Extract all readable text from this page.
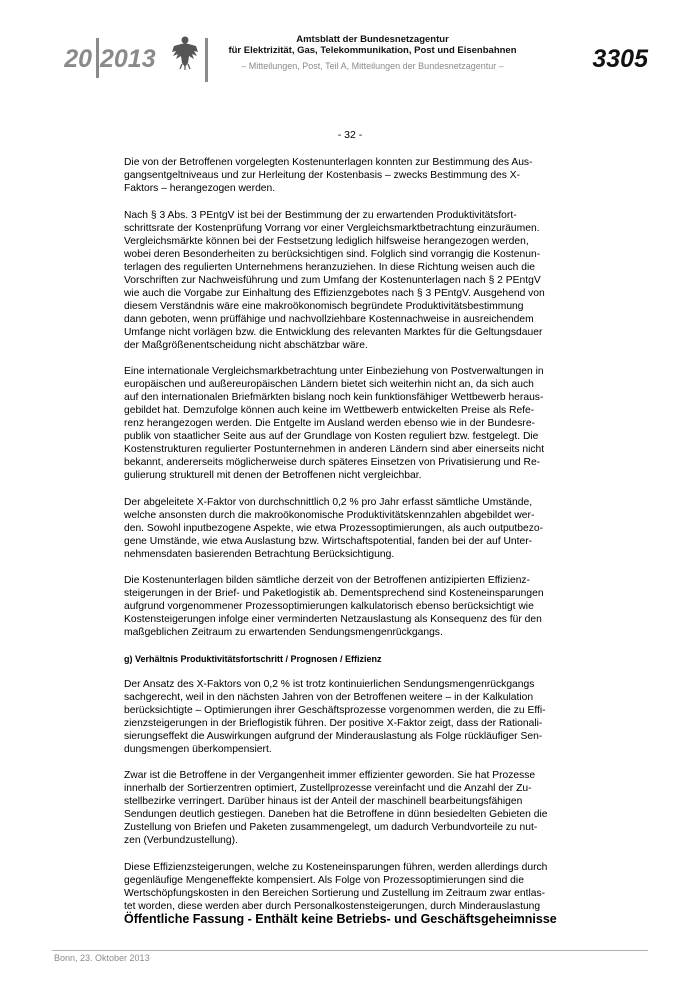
20 2013
Amtsblatt der Bundesnetzagentur
für Elektrizität, Gas, Telekommunikation, Post und Eisenbahnen
– Mitteilungen, Post, Teil A, Mitteilungen der Bundesnetzagentur –	3305
- 32 -
Die von der Betroffenen vorgelegten Kostenunterlagen konnten zur Bestimmung des Aus-
gangsentgeltniveaus und zur Herleitung der Kostenbasis – zwecks Bestimmung des X-
Faktors – herangezogen werden.
Nach § 3 Abs. 3 PEntgV ist bei der Bestimmung der zu erwartenden Produktivitätsfort-
schrittsrate der Kostenprüfung Vorrang vor einer Vergleichsmarktbetrachtung einzuräumen.
Vergleichsmärkte können bei der Festsetzung lediglich hilfsweise herangezogen werden,
wobei deren Besonderheiten zu berücksichtigen sind. Folglich sind vorrangig die Kostenun-
terlagen des regulierten Unternehmens heranzuziehen. In diese Richtung weisen auch die
Vorschriften zur Nachweisführung und zum Umfang der Kostenunterlagen nach § 2 PEntgV
wie auch die Vorgabe zur Einhaltung des Effizienzgebotes nach § 3 PEntgV. Ausgehend von
diesem Verständnis wäre eine makroökonomisch begründete Produktivitätsbestimmung
dann geboten, wenn prüffähige und nachvollziehbare Kostennachweise in ausreichendem
Umfange nicht vorlägen bzw. die Entwicklung des relevanten Marktes für die Geltungsdauer
der Maßgrößenentscheidung nicht abschätzbar wäre.
Eine internationale Vergleichsmarkbetrachtung unter Einbeziehung von Postverwaltungen in
europäischen und außereuropäischen Ländern bietet sich weiterhin nicht an, da sich auch
auf den internationalen Briefmärkten bislang noch kein funktionsfähiger Wettbewerb heraus-
gebildet hat. Demzufolge können auch keine im Wettbewerb entwickelten Preise als Refe-
renz herangezogen werden. Die Entgelte im Ausland werden ebenso wie in der Bundesre-
publik von staatlicher Seite aus auf der Grundlage von Kosten reguliert bzw. festgelegt. Die
Kostenstrukturen regulierter Postunternehmen in anderen Ländern sind aber einerseits nicht
bekannt, andererseits möglicherweise durch späteres Einsetzen von Privatisierung und Re-
gulierung strukturell mit denen der Betroffenen nicht vergleichbar.
Der abgeleitete X-Faktor von durchschnittlich 0,2 % pro Jahr erfasst sämtliche Umstände,
welche ansonsten durch die makroökonomische Produktivitätskennzahlen abgebildet wer-
den. Sowohl inputbezogene Aspekte, wie etwa Prozessoptimierungen, als auch outputbezo-
gene Umstände, wie etwa Auslastung bzw. Wirtschaftspotential, fanden bei der auf Unter-
nehmensdaten basierenden Betrachtung Berücksichtigung.
Die Kostenunterlagen bilden sämtliche derzeit von der Betroffenen antizipierten Effizienz-
steigerungen in der Brief- und Paketlogistik ab. Dementsprechend sind Kosteneinsparungen
aufgrund vorgenommener Prozessoptimierungen kalkulatorisch ebenso berücksichtigt wie
Kostensteigerungen infolge einer verminderten Netzauslastung als Konsequenz des für den
maßgeblichen Zeitraum zu erwartenden Sendungsmengenrückgangs.
g) Verhältnis Produktivitätsfortschritt / Prognosen / Effizienz
Der Ansatz des X-Faktors von 0,2 % ist trotz kontinuierlichen Sendungsmengenrückgangs
sachgerecht, weil in den nächsten Jahren von der Betroffenen weitere – in der Kalkulation
berücksichtigte – Optimierungen ihrer Geschäftsprozesse vorgenommen werden, die zu Effi-
zienzsteigerungen in der Brieflogistik führen. Der positive X-Faktor zeigt, dass der Rationali-
sierungseffekt die Auswirkungen aufgrund der Minderauslastung als Folge rückläufiger Sen-
dungsmengen überkompensiert.
Zwar ist die Betroffene in der Vergangenheit immer effizienter geworden. Sie hat Prozesse
innerhalb der Sortierzentren optimiert, Zustellprozesse vereinfacht und die Anzahl der Zu-
stellbezirke verringert. Darüber hinaus ist der Anteil der maschinell bearbeitungsfähigen
Sendungen deutlich gestiegen. Daneben hat die Betroffene in dünn besiedelten Gebieten die
Zustellung von Briefen und Paketen zusammengelegt, um dadurch Verbundvorteile zu nut-
zen (Verbundzustellung).
Diese Effizienzsteigerungen, welche zu Kosteneinsparungen führen, werden allerdings durch
gegenläufige Mengeneffekte kompensiert. Als Folge von Prozessoptimierungen sind die
Wertschöpfungskosten in den Bereichen Sortierung und Zustellung im Zeitraum zwar entlas-
tet worden, diese werden aber durch Personalkostensteigerungen, durch Minderauslastung
Öffentliche Fassung - Enthält keine Betriebs- und Geschäftsgeheimnisse
Bonn, 23. Oktober 2013
